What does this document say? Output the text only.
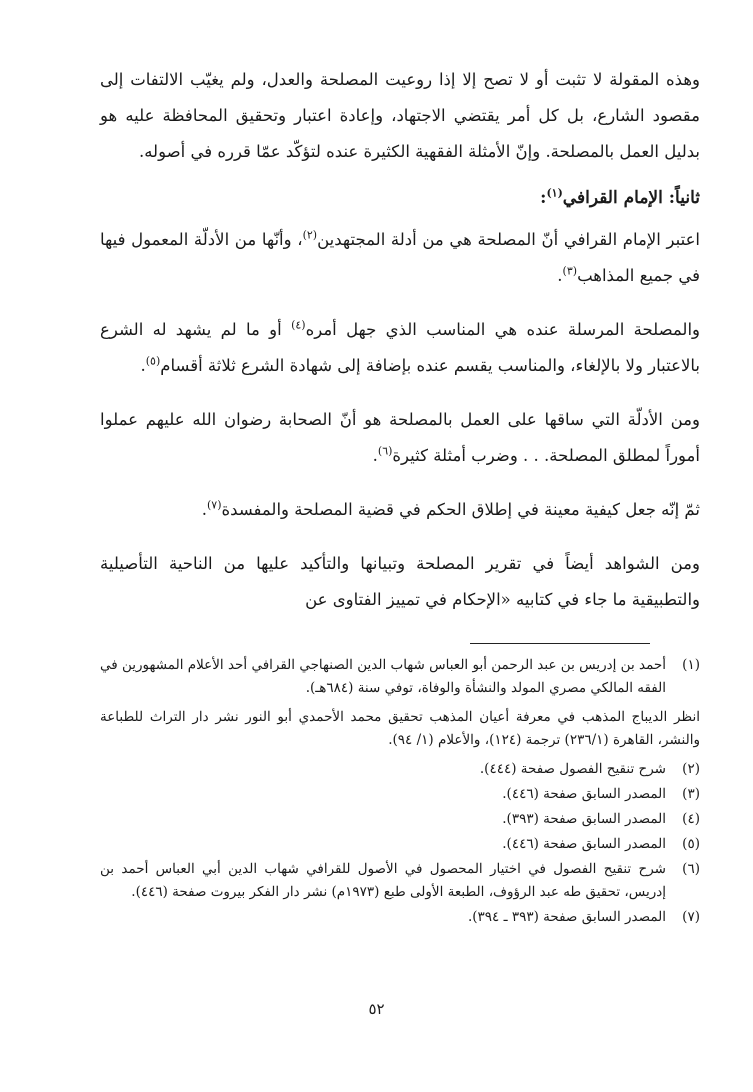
وهذه المقولة لا تثبت أو لا تصح إلا إذا روعيت المصلحة والعدل، ولم يغيّب الالتفات إلى مقصود الشارع، بل كل أمر يقتضي الاجتهاد، وإعادة اعتبار وتحقيق المحافظة عليه هو بدليل العمل بالمصلحة. وإنّ الأمثلة الفقهية الكثيرة عنده لتؤكّد عمّا قرره في أصوله.

ثانياً: الإمام القرافي$^{(١)}$:

اعتبر الإمام القرافي أنّ المصلحة هي من أدلة المجتهدين$^{(٢)}$، وأنّها من الأدلّة المعمول فيها في جميع المذاهب$^{(٣)}$.

والمصلحة المرسلة عنده هي المناسب الذي جهل أمره$^{(٤)}$ أو ما لم يشهد له الشرع بالاعتبار ولا بالإلغاء، والمناسب يقسم عنده بإضافة إلى شهادة الشرع ثلاثة أقسام$^{(٥)}$.

ومن الأدلّة التي ساقها على العمل بالمصلحة هو أنّ الصحابة رضوان الله عليهم عملوا أموراً لمطلق المصلحة. . . وضرب أمثلة كثيرة$^{(٦)}$.

ثمّ إنّه جعل كيفية معينة في إطلاق الحكم في قضية المصلحة والمفسدة$^{(٧)}$.

ومن الشواهد أيضاً في تقرير المصلحة وتبيانها والتأكيد عليها من الناحية التأصيلية والتطبيقية ما جاء في كتابيه «الإحكام في تمييز الفتاوى عن

(١)
أحمد بن إدريس بن عبد الرحمن أبو العباس شهاب الدين الصنهاجي القرافي أحد الأعلام المشهورين في الفقه المالكي مصري المولد والنشأة والوفاة، توفي سنة (٦٨٤هـ).
انظر الديباج المذهب في معرفة أعيان المذهب تحقيق محمد الأحمدي أبو النور نشر دار التراث للطباعة والنشر، القاهرة (٢٣٦/١) ترجمة (١٢٤)، والأعلام (١/ ٩٤).
(٢)
شرح تنقيح الفصول صفحة (٤٤٤).
(٣)
المصدر السابق صفحة (٤٤٦).
(٤)
المصدر السابق صفحة (٣٩٣).
(٥)
المصدر السابق صفحة (٤٤٦).
(٦)
شرح تنقيح الفصول في اختيار المحصول في الأصول للقرافي شهاب الدين أبي العباس أحمد بن إدريس، تحقيق طه عبد الرؤوف، الطبعة الأولى طبع (١٩٧٣م) نشر دار الفكر بيروت صفحة (٤٤٦).
(٧)
المصدر السابق صفحة (٣٩٣ ـ ٣٩٤).
٥٢
